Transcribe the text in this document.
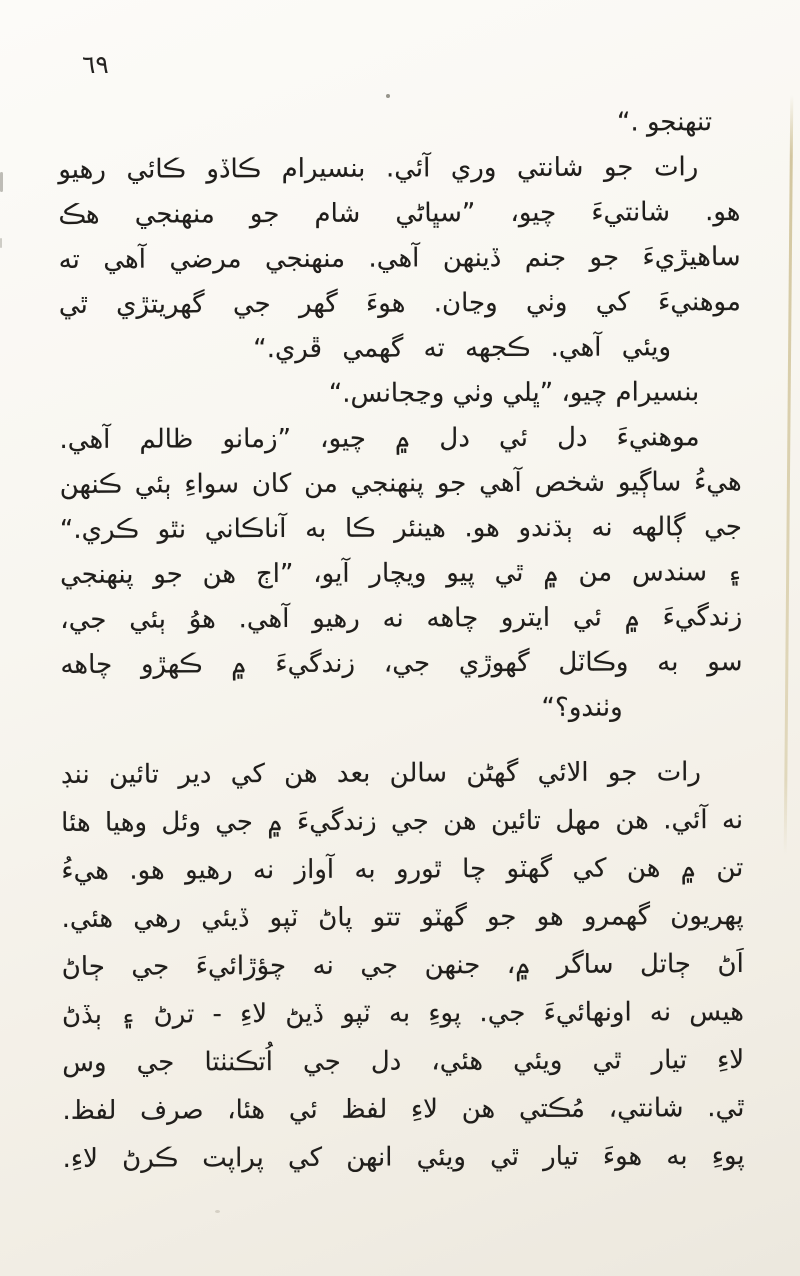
٦٩
تنهنجو .“
رات جو شانتي وري آئي. بنسيرام ڪاڏو ڪائي رهيو
هو. شانتيءَ چيو، ”سڀاڻي شام جو منهنجي هڪ
ساهيڙيءَ جو جنم ڏينهن آهي. منهنجي مرضي آهي ته
موهنيءَ کي وٺي وڃان. هوءَ گهر جي گهريتڙي ٿي
ويئي آهي. ڪجهه ته گهمي ڦري.“
بنسيرام چيو، ”ڀلي وٺي وڃجانس.“
موهنيءَ دل ئي دل ۾ چيو، ”زمانو ظالم آهي.
هيءُ ساڳيو شخص آهي جو پنهنجي من کان سواءِ ٻئي ڪنهن
جي ڳالهه نه ٻڌندو هو. هينئر ڪا به آناڪاني نٿو ڪري.“
۽ سندس من ۾ ٿي پيو ويچار آيو، ”اڄ هن جو پنهنجي
زندگيءَ ۾ ئي ايترو چاهه نه رهيو آهي. هوُ ٻئي جي،
سو به وڪاٽل گهوڙي جي، زندگيءَ ۾ ڪهڙو چاهه
وٺندو؟“
رات جو الائي گهڻن سالن بعد هن کي دير تائين ننڊ
نه آئي. هن مهل تائين هن جي زندگيءَ ۾ جي وئل وهيا هئا
تن ۾ هن کي گهٽو چا ٿورو به آواز نه رهيو هو. هيءُ
پهريون گهمرو هو جو گهٽو تتو پاڻ ٽپو ڏيئي رهي هئي.
اَڻ ڄاتل ساگر ۾، جنهن جي نه چؤڙائيءَ جي ڄاڻ
هيس نه اونهائيءَ جي. پوءِ به ٽپو ڏيڻ لاءِ - ترڻ ۽ ٻڏڻ
لاءِ تيار ٿي ويئي هئي، دل جي اُتڪنٺتا جي وس
ٿي. شانتي، مُڪتي هن لاءِ لفظ ئي هئا، صرف لفظ.
پوءِ به هوءَ تيار ٿي ويئي انهن کي پراپت ڪرڻ لاءِ.
